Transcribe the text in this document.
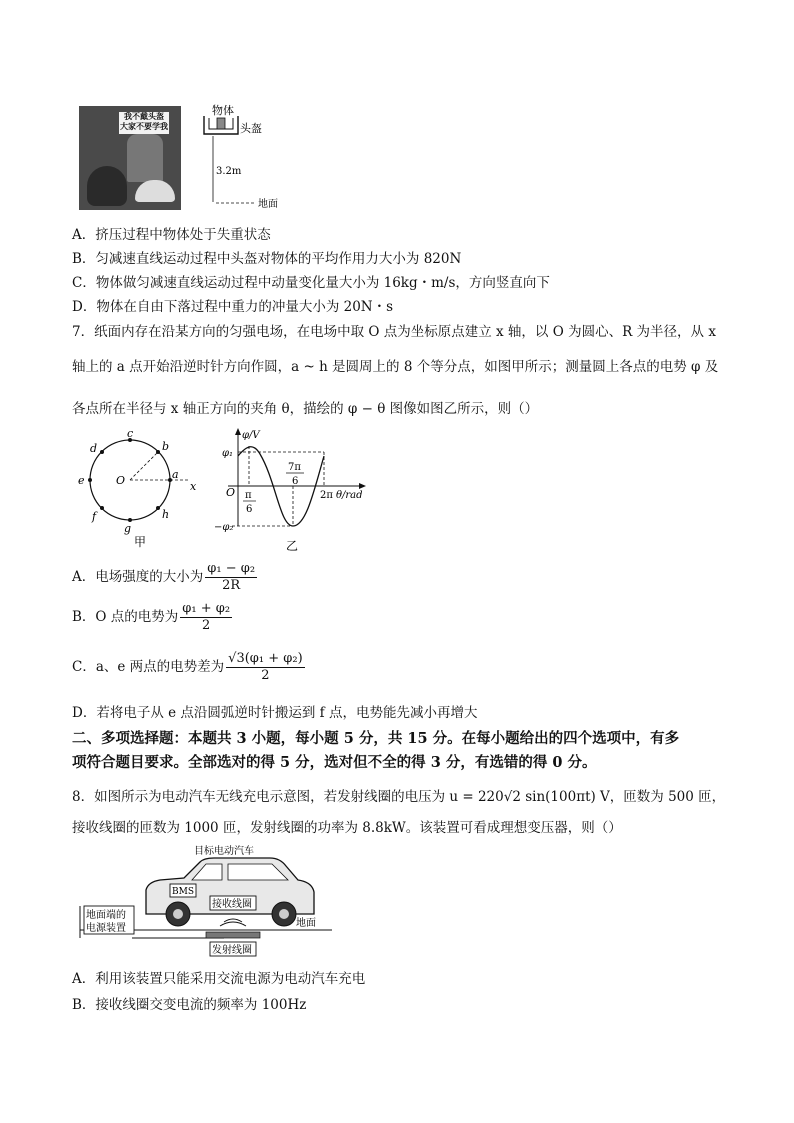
我不戴头盔
大家不要学我
物体
头盔
3.2m
地面
A．挤压过程中物体处于失重状态
B．匀减速直线运动过程中头盔对物体的平均作用力大小为 820N
C．物体做匀减速直线运动过程中动量变化量大小为 16kg・m/s，方向竖直向下
D．物体在自由下落过程中重力的冲量大小为 20N・s
7．纸面内存在沿某方向的匀强电场，在电场中取 O 点为坐标原点建立 x 轴，以 O 为圆心、R 为半径，从 x
轴上的 a 点开始沿逆时针方向作圆，a ~ h 是圆周上的 8 个等分点，如图甲所示；测量圆上各点的电势 φ 及
各点所在半径与 x 轴正方向的夹角 θ，描绘的 φ − θ 图像如图乙所示，则（）
a
b
c
d
e
f
g
h
O	x
甲
φ/V
φ₁
O π
6
7π
6
2π θ/rad
−φ₂
乙
A．电场强度的大小为 $\frac{\text{φ₁ − φ₂}}{2R}$
B．O 点的电势为 $\frac{\text{φ₁ + φ₂}}{2}$
C．a、e 两点的电势差为 $\frac{\text{√3(φ₁ + φ₂)}}{2}$
D．若将电子从 e 点沿圆弧逆时针搬运到 f 点，电势能先减小再增大
二、多项选择题：本题共 3 小题，每小题 5 分，共 15 分。在每小题给出的四个选项中，有多
项符合题目要求。全部选对的得 5 分，选对但不全的得 3 分，有选错的得 0 分。
8．如图所示为电动汽车无线充电示意图，若发射线圈的电压为 u = 220√2 sin(100πt) V，匝数为 500 匝，
接收线圈的匝数为 1000 匝，发射线圈的功率为 8.8kW。该装置可看成理想变压器，则（）
目标电动汽车
BMS
接收线圈
地面端的
电源装置	地面
发射线圈
A．利用该装置只能采用交流电源为电动汽车充电
B．接收线圈交变电流的频率为 100Hz
